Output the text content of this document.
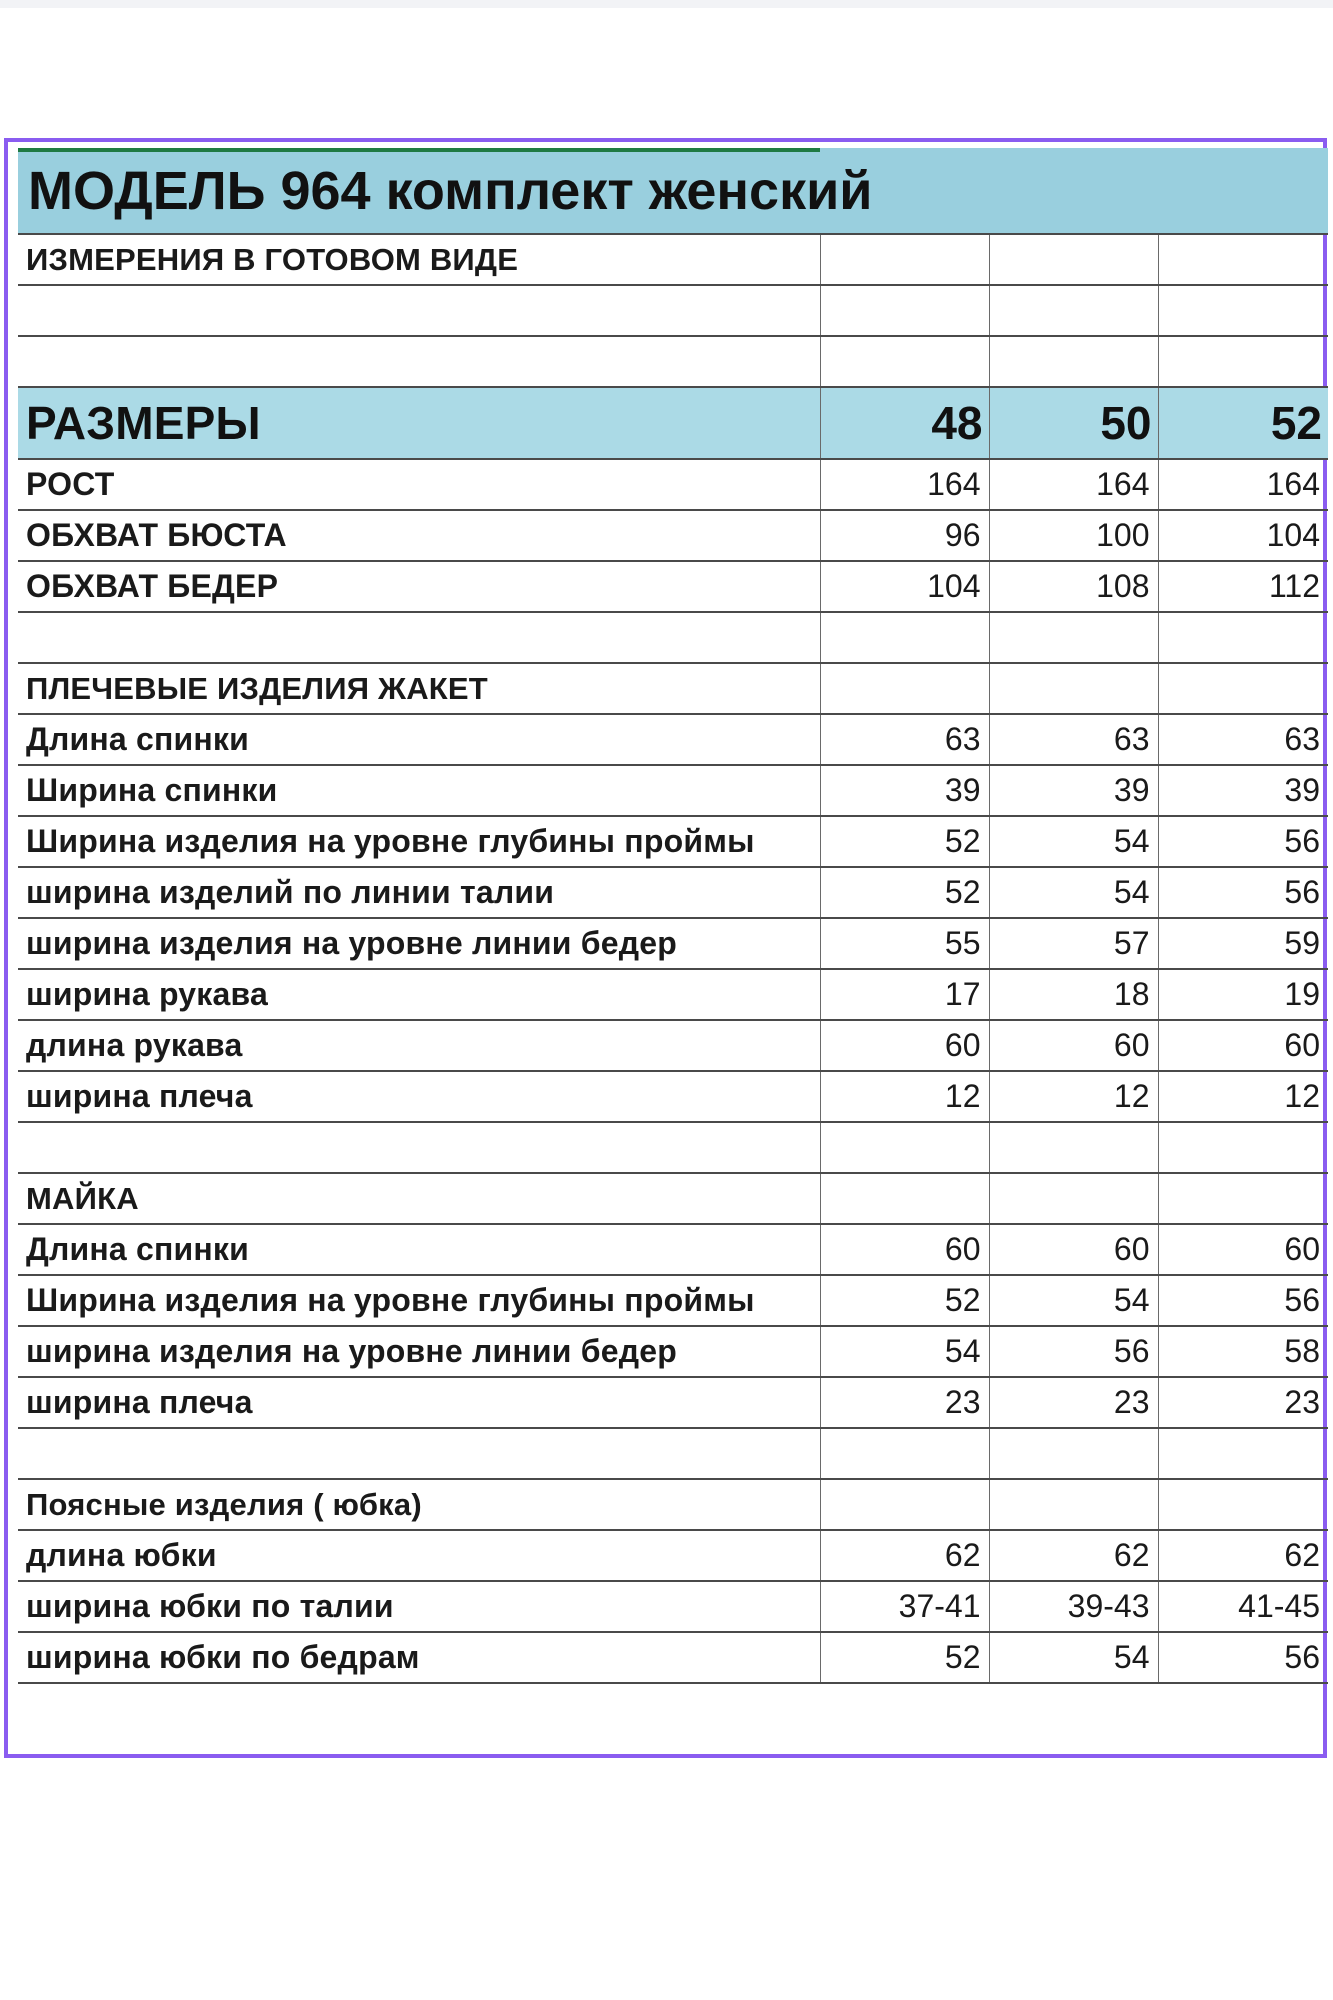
МОДЕЛЬ 964 комплект женский			
ИЗМЕРЕНИЯ В ГОТОВОМ ВИДЕ			

РАЗМЕРЫ	48	50	52
РОСТ	164	164	164
ОБХВАТ БЮСТА	96	100	104
ОБХВАТ БЕДЕР	104	108	112

ПЛЕЧЕВЫЕ ИЗДЕЛИЯ ЖАКЕТ			
Длина спинки	63	63	63
Ширина спинки	39	39	39
Ширина изделия на уровне глубины проймы	52	54	56
ширина изделий по линии талии	52	54	56
ширина изделия на уровне линии бедер	55	57	59
ширина рукава	17	18	19
длина рукава	60	60	60
ширина плеча	12	12	12

МАЙКА			
Длина спинки	60	60	60
Ширина изделия на уровне глубины проймы	52	54	56
ширина изделия на уровне линии бедер	54	56	58
ширина плеча	23	23	23

Поясные изделия ( юбка)			
длина юбки	62	62	62
ширина юбки по талии	37-41	39-43	41-45
ширина юбки по бедрам	52	54	56
